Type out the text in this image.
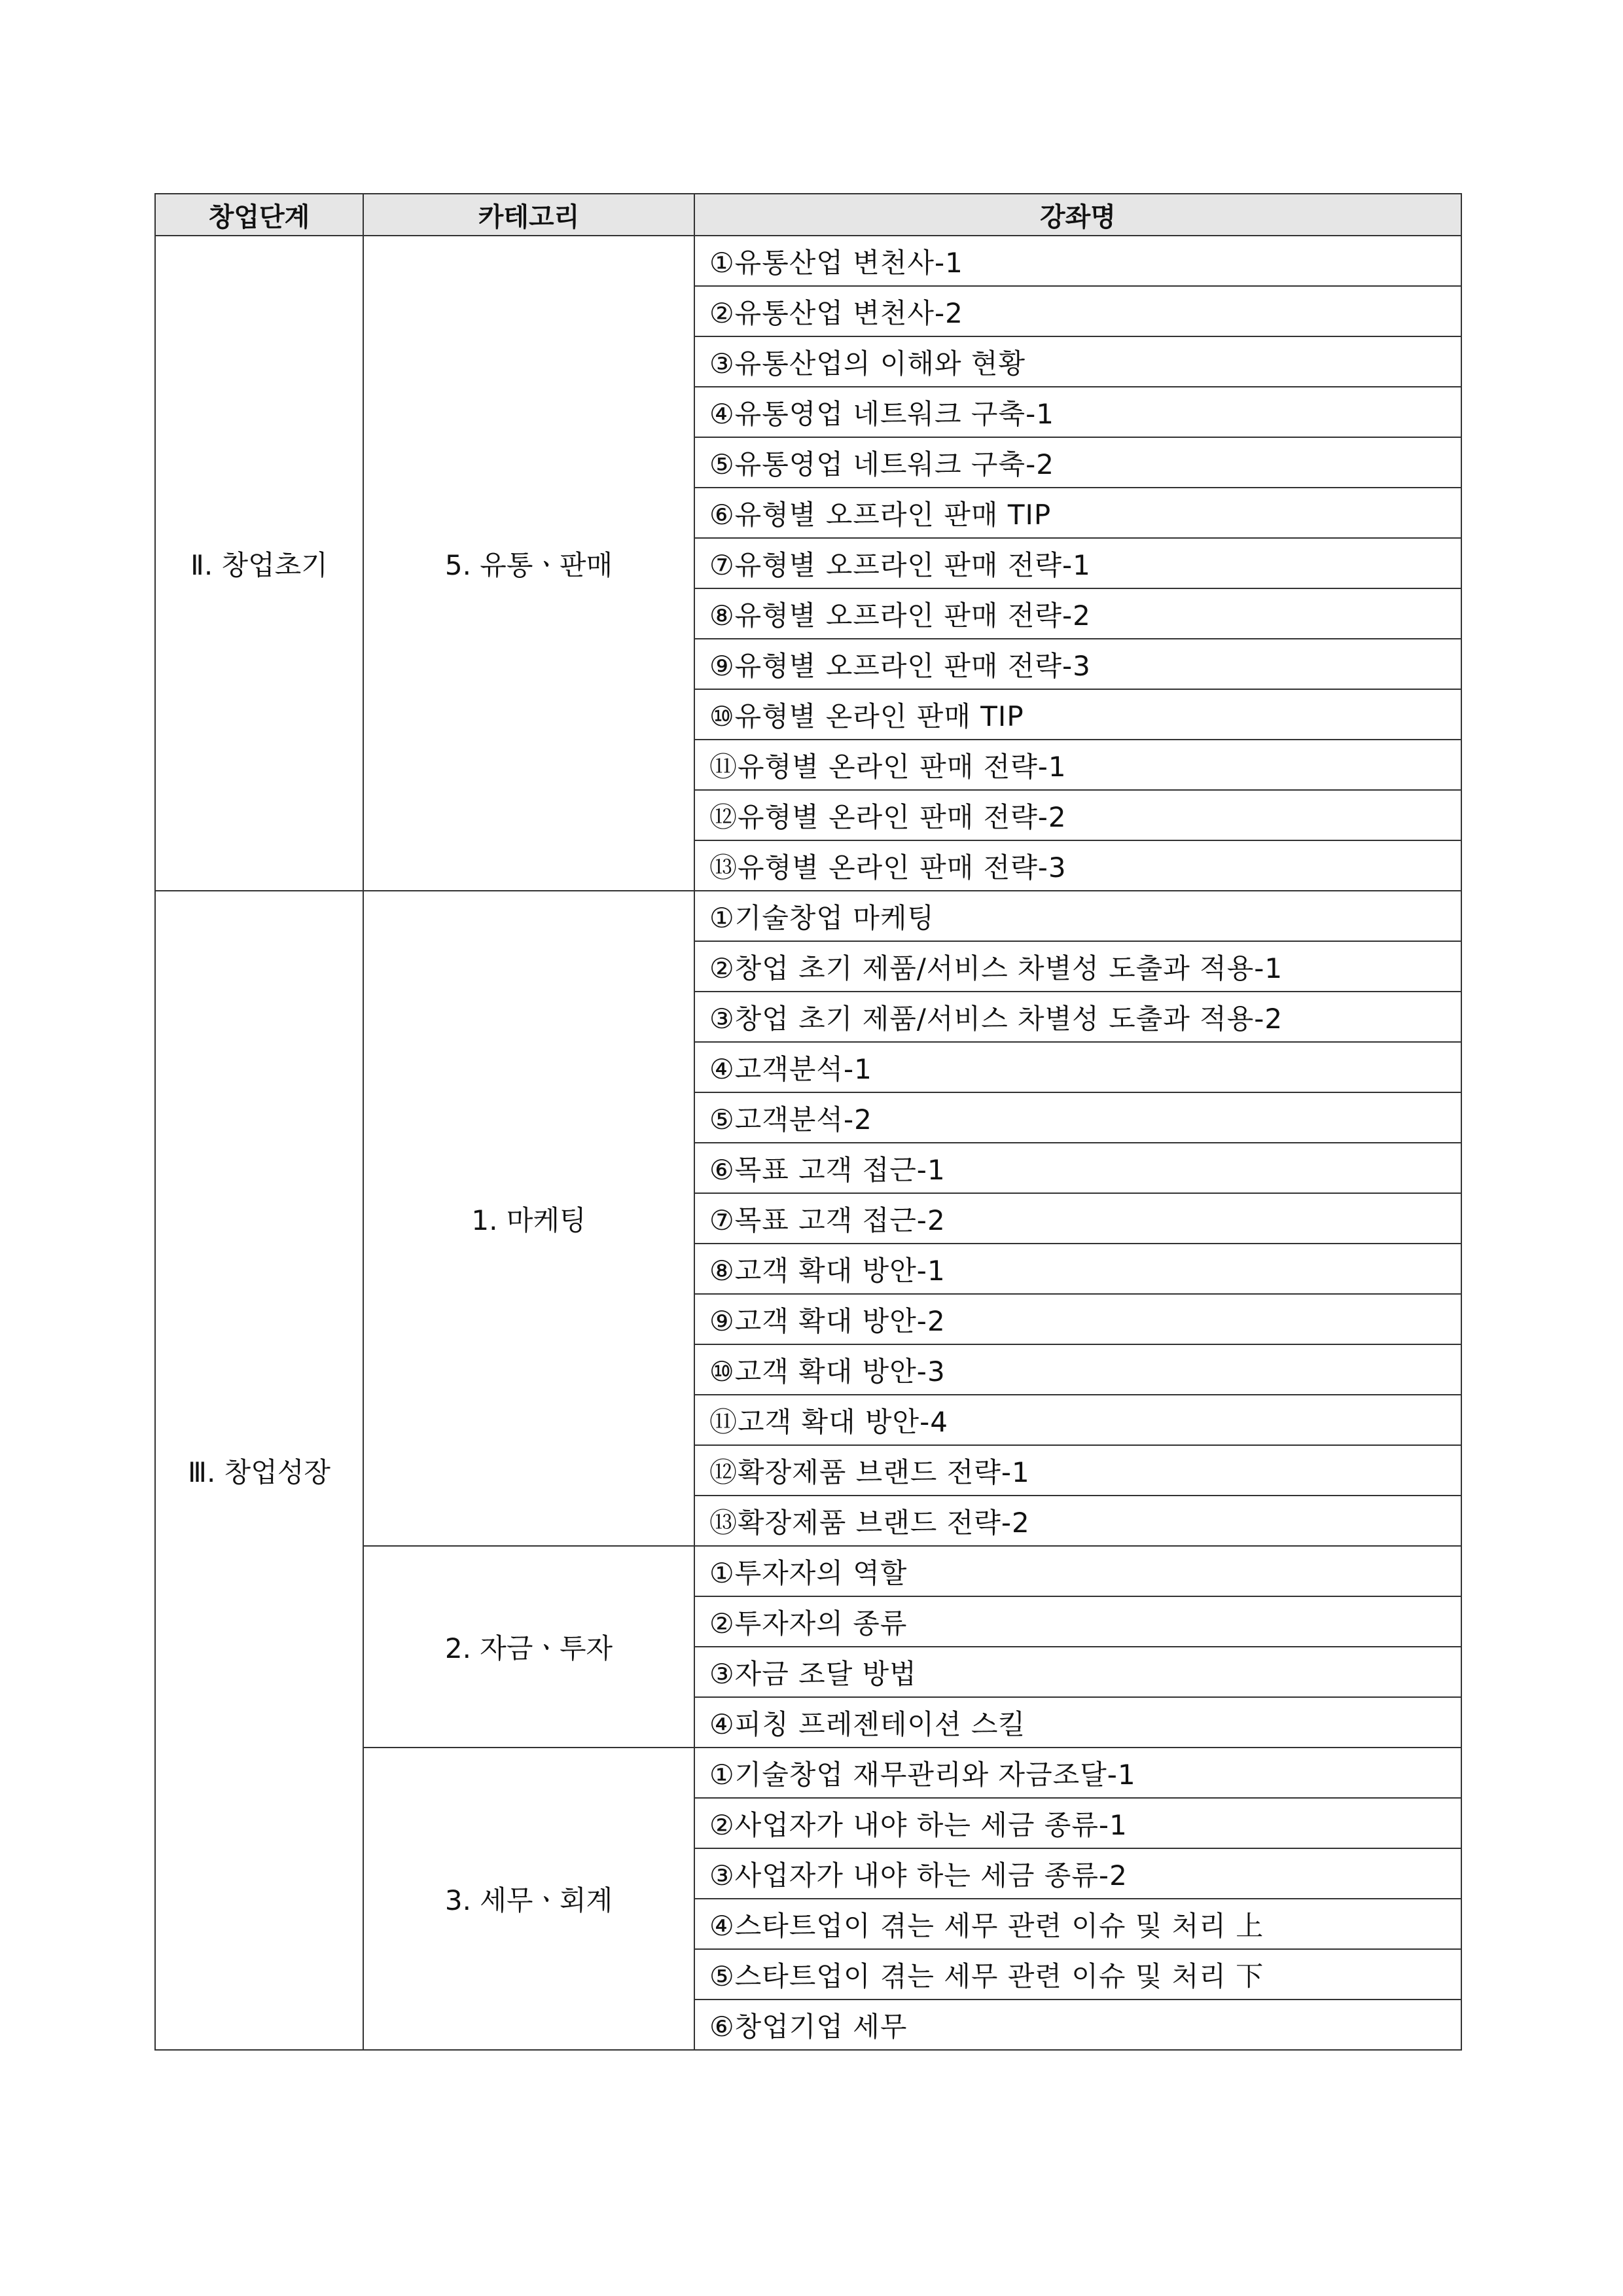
창업단계	카테고리	강좌명
Ⅱ. 창업초기	5. 유통ㆍ판매	①유통산업 변천사-1
		②유통산업 변천사-2
		③유통산업의 이해와 현황
		④유통영업 네트워크 구축-1
		⑤유통영업 네트워크 구축-2
		⑥유형별 오프라인 판매 TIP
		⑦유형별 오프라인 판매 전략-1
		⑧유형별 오프라인 판매 전략-2
		⑨유형별 오프라인 판매 전략-3
		⑩유형별 온라인 판매 TIP
		⑪유형별 온라인 판매 전략-1
		⑫유형별 온라인 판매 전략-2
		⑬유형별 온라인 판매 전략-3
Ⅲ. 창업성장	1. 마케팅	①기술창업 마케팅
		②창업 초기 제품/서비스 차별성 도출과 적용-1
		③창업 초기 제품/서비스 차별성 도출과 적용-2
		④고객분석-1
		⑤고객분석-2
		⑥목표 고객 접근-1
		⑦목표 고객 접근-2
		⑧고객 확대 방안-1
		⑨고객 확대 방안-2
		⑩고객 확대 방안-3
		⑪고객 확대 방안-4
		⑫확장제품 브랜드 전략-1
		⑬확장제품 브랜드 전략-2
	2. 자금ㆍ투자	①투자자의 역할
		②투자자의 종류
		③자금 조달 방법
		④피칭 프레젠테이션 스킬
	3. 세무ㆍ회계	①기술창업 재무관리와 자금조달-1
		②사업자가 내야 하는 세금 종류-1
		③사업자가 내야 하는 세금 종류-2
		④스타트업이 겪는 세무 관련 이슈 및 처리 上
		⑤스타트업이 겪는 세무 관련 이슈 및 처리 下
		⑥창업기업 세무
